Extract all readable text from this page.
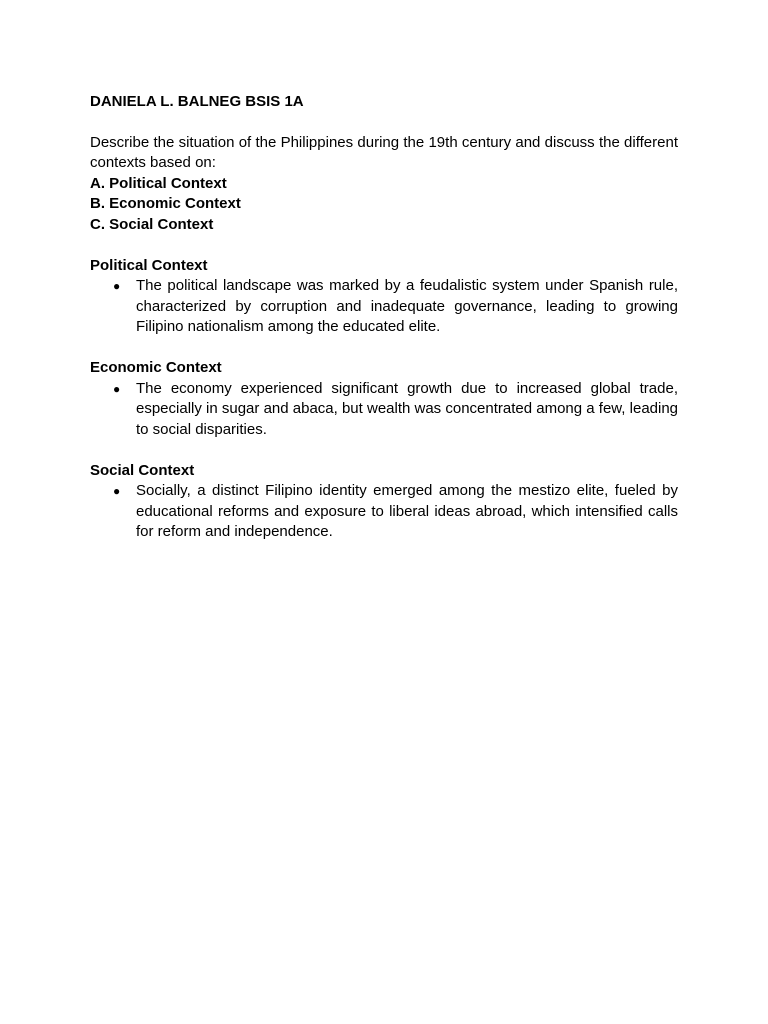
DANIELA L. BALNEG BSIS 1A

Describe the situation of the Philippines during the 19th century and discuss the different contexts based on:

A. Political Context
B. Economic Context
C. Social Context

Political Context

● The political landscape was marked by a feudalistic system under Spanish rule, characterized by corruption and inadequate governance, leading to growing Filipino nationalism among the educated elite.

Economic Context

● The economy experienced significant growth due to increased global trade, especially in sugar and abaca, but wealth was concentrated among a few, leading to social disparities.

Social Context

● Socially, a distinct Filipino identity emerged among the mestizo elite, fueled by educational reforms and exposure to liberal ideas abroad, which intensified calls for reform and independence.
